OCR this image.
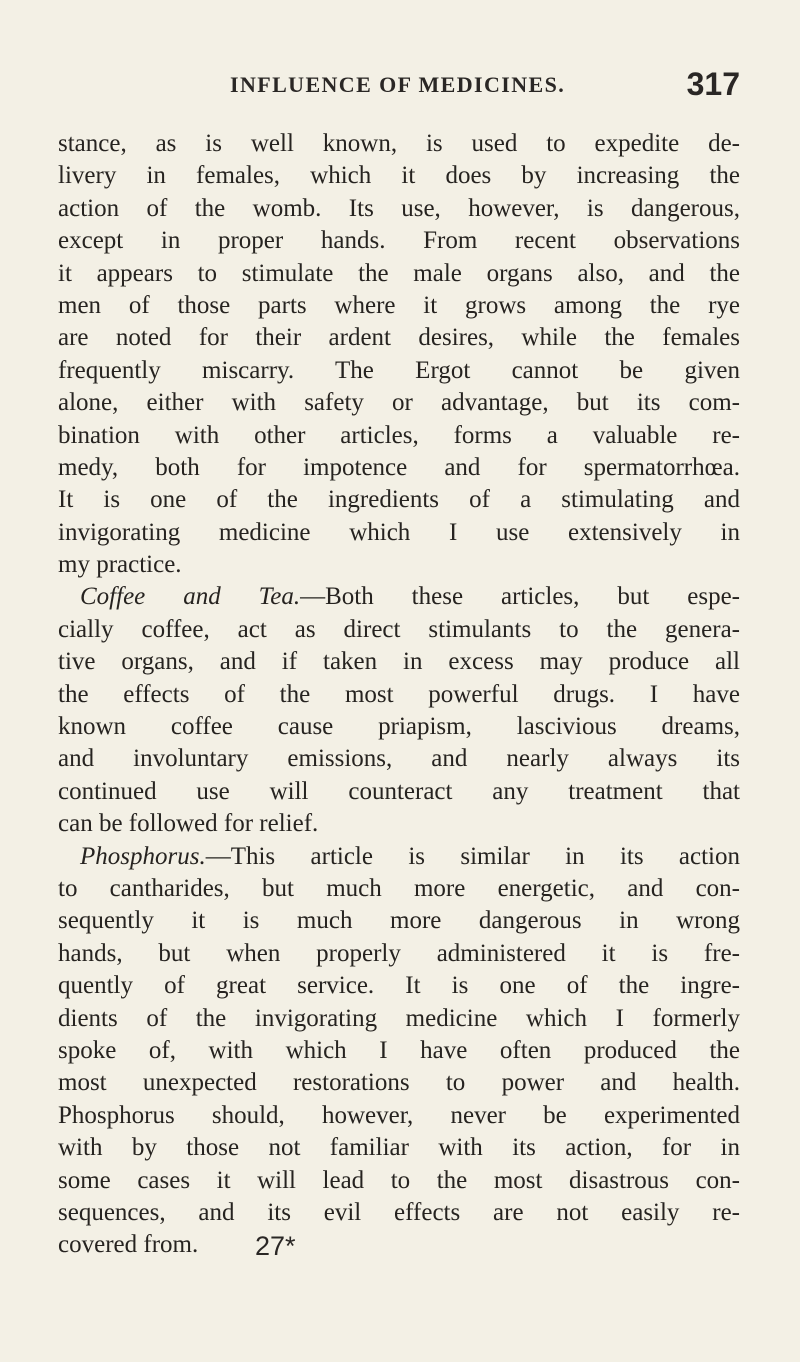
INFLUENCE OF MEDICINES.	317
stance, as is well known, is used to expedite de-
livery in females, which it does by increasing the
action of the womb. Its use, however, is dangerous,
except in proper hands. From recent observations
it appears to stimulate the male organs also, and the
men of those parts where it grows among the rye
are noted for their ardent desires, while the females
frequently miscarry. The Ergot cannot be given
alone, either with safety or advantage, but its com-
bination with other articles, forms a valuable re-
medy, both for impotence and for spermatorrhœa.
It is one of the ingredients of a stimulating and
invigorating medicine which I use extensively in
my practice.
Coffee and Tea.—Both these articles, but espe-
cially coffee, act as direct stimulants to the genera-
tive organs, and if taken in excess may produce all
the effects of the most powerful drugs. I have
known coffee cause priapism, lascivious dreams,
and involuntary emissions, and nearly always its
continued use will counteract any treatment that
can be followed for relief.
Phosphorus.—This article is similar in its action
to cantharides, but much more energetic, and con-
sequently it is much more dangerous in wrong
hands, but when properly administered it is fre-
quently of great service. It is one of the ingre-
dients of the invigorating medicine which I formerly
spoke of, with which I have often produced the
most unexpected restorations to power and health.
Phosphorus should, however, never be experimented
with by those not familiar with its action, for in
some cases it will lead to the most disastrous con-
sequences, and its evil effects are not easily re-
covered from.	27*
